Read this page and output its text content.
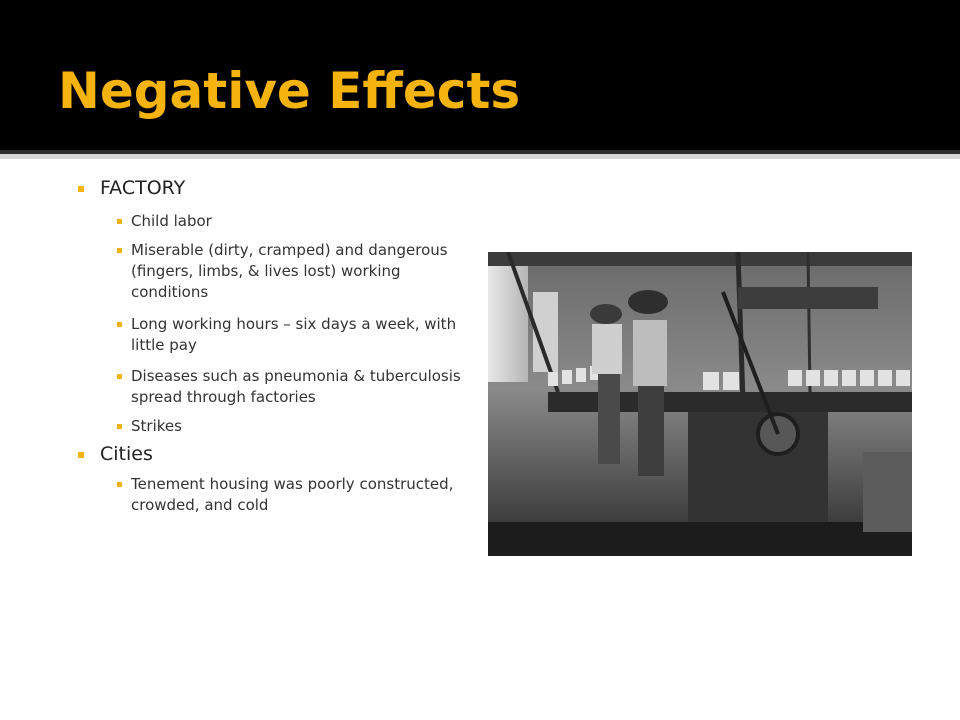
Negative Effects
FACTORY
Child labor
Miserable (dirty, cramped) and dangerous (fingers, limbs, & lives lost) working conditions
Long working hours – six days a week, with little pay
Diseases such as pneumonia & tuberculosis spread through factories
Strikes
Cities
Tenement housing was poorly constructed, crowded, and cold
